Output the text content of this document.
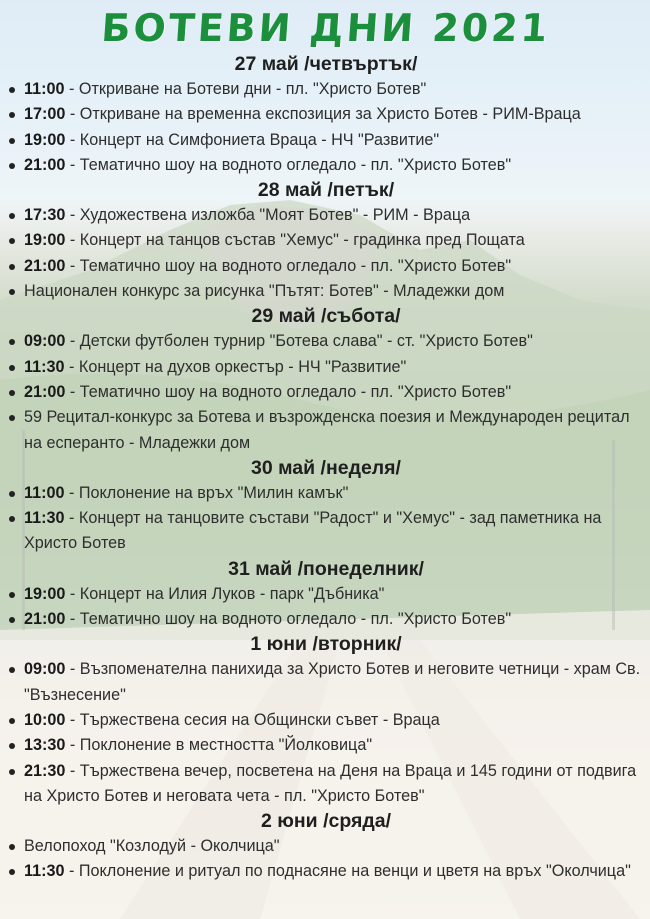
БОТЕВИ ДНИ 2021
27 май /четвъртък/
11:00 - Откриване на Ботеви дни - пл. "Христо Ботев"
17:00 - Откриване на временна експозиция за Христо Ботев - РИМ-Враца
19:00 - Концерт на Симфониета Враца - НЧ "Развитие"
21:00 - Тематично шоу на водното огледало - пл. "Христо Ботев"
28 май /петък/
17:30 - Художествена изложба "Моят Ботев" - РИМ - Враца
19:00 - Концерт на танцов състав "Хемус" - градинка пред Пощата
21:00 - Тематично шоу на водното огледало - пл. "Христо Ботев"
Национален конкурс за рисунка "Пътят: Ботев" - Младежки дом
29 май /събота/
09:00 - Детски футболен турнир "Ботева слава" - ст. "Христо Ботев"
11:30 - Концерт на духов оркестър - НЧ "Развитие"
21:00 - Тематично шоу на водното огледало - пл. "Христо Ботев"
59 Рецитал-конкурс за Ботева и възрожденска поезия и Международен рецитал на есперанто - Младежки дом
30 май /неделя/
11:00 - Поклонение на връх "Милин камък"
11:30 - Концерт на танцовите състави "Радост" и "Хемус" - зад паметника на Христо Ботев
31 май /понеделник/
19:00 - Концерт на Илия Луков - парк "Дъбника"
21:00 - Тематично шоу на водното огледало - пл. "Христо Ботев"
1 юни /вторник/
09:00 - Възпоменателна панихида за Христо Ботев и неговите четници - храм Св. "Възнесение"
10:00 - Тържествена сесия на Общински съвет - Враца
13:30 - Поклонение в местността "Йолковица"
21:30 - Тържествена вечер, посветена на Деня на Враца и 145 години от подвига на Христо Ботев и неговата чета - пл. "Христо Ботев"
2 юни /сряда/
Велопоход "Козлодуй - Околчица"
11:30 - Поклонение и ритуал по поднасяне на венци и цветя на връх "Околчица"
